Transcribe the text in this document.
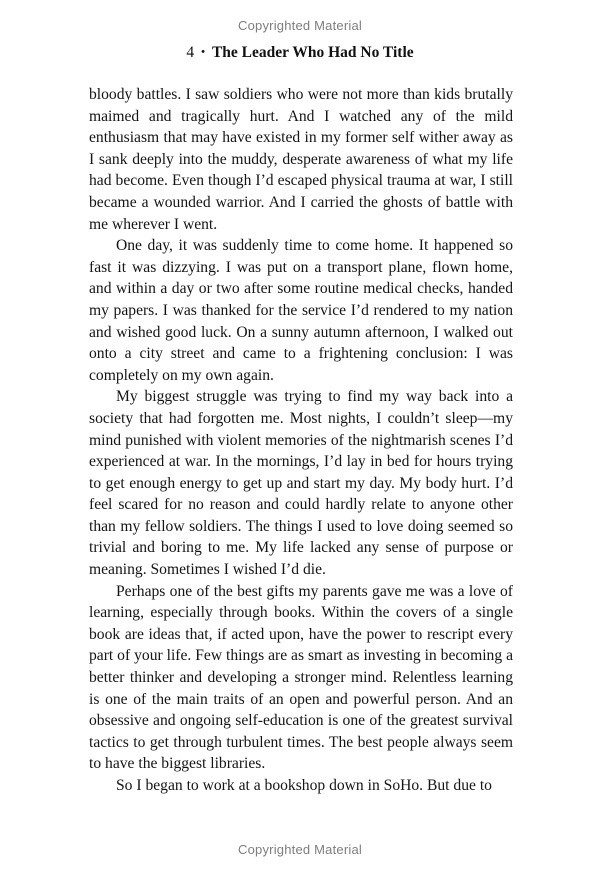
Copyrighted Material
4 • The Leader Who Had No Title

bloody battles. I saw soldiers who were not more than kids brutally maimed and tragically hurt. And I watched any of the mild enthusiasm that may have existed in my former self wither away as I sank deeply into the muddy, desperate awareness of what my life had become. Even though I’d escaped physical trauma at war, I still became a wounded warrior. And I carried the ghosts of battle with me wherever I went.

One day, it was suddenly time to come home. It happened so fast it was dizzying. I was put on a transport plane, flown home, and within a day or two after some routine medical checks, handed my papers. I was thanked for the service I’d rendered to my nation and wished good luck. On a sunny autumn afternoon, I walked out onto a city street and came to a frightening conclusion: I was completely on my own again.

My biggest struggle was trying to find my way back into a society that had forgotten me. Most nights, I couldn’t sleep—my mind punished with violent memories of the nightmarish scenes I’d experienced at war. In the mornings, I’d lay in bed for hours trying to get enough energy to get up and start my day. My body hurt. I’d feel scared for no reason and could hardly relate to anyone other than my fellow soldiers. The things I used to love doing seemed so trivial and boring to me. My life lacked any sense of purpose or meaning. Sometimes I wished I’d die.

Perhaps one of the best gifts my parents gave me was a love of learning, especially through books. Within the covers of a single book are ideas that, if acted upon, have the power to rescript every part of your life. Few things are as smart as investing in becoming a better thinker and developing a stronger mind. Relentless learning is one of the main traits of an open and powerful person. And an obsessive and ongoing self-education is one of the greatest survival tactics to get through turbulent times. The best people always seem to have the biggest libraries.

So I began to work at a bookshop down in SoHo. But due to

Copyrighted Material
